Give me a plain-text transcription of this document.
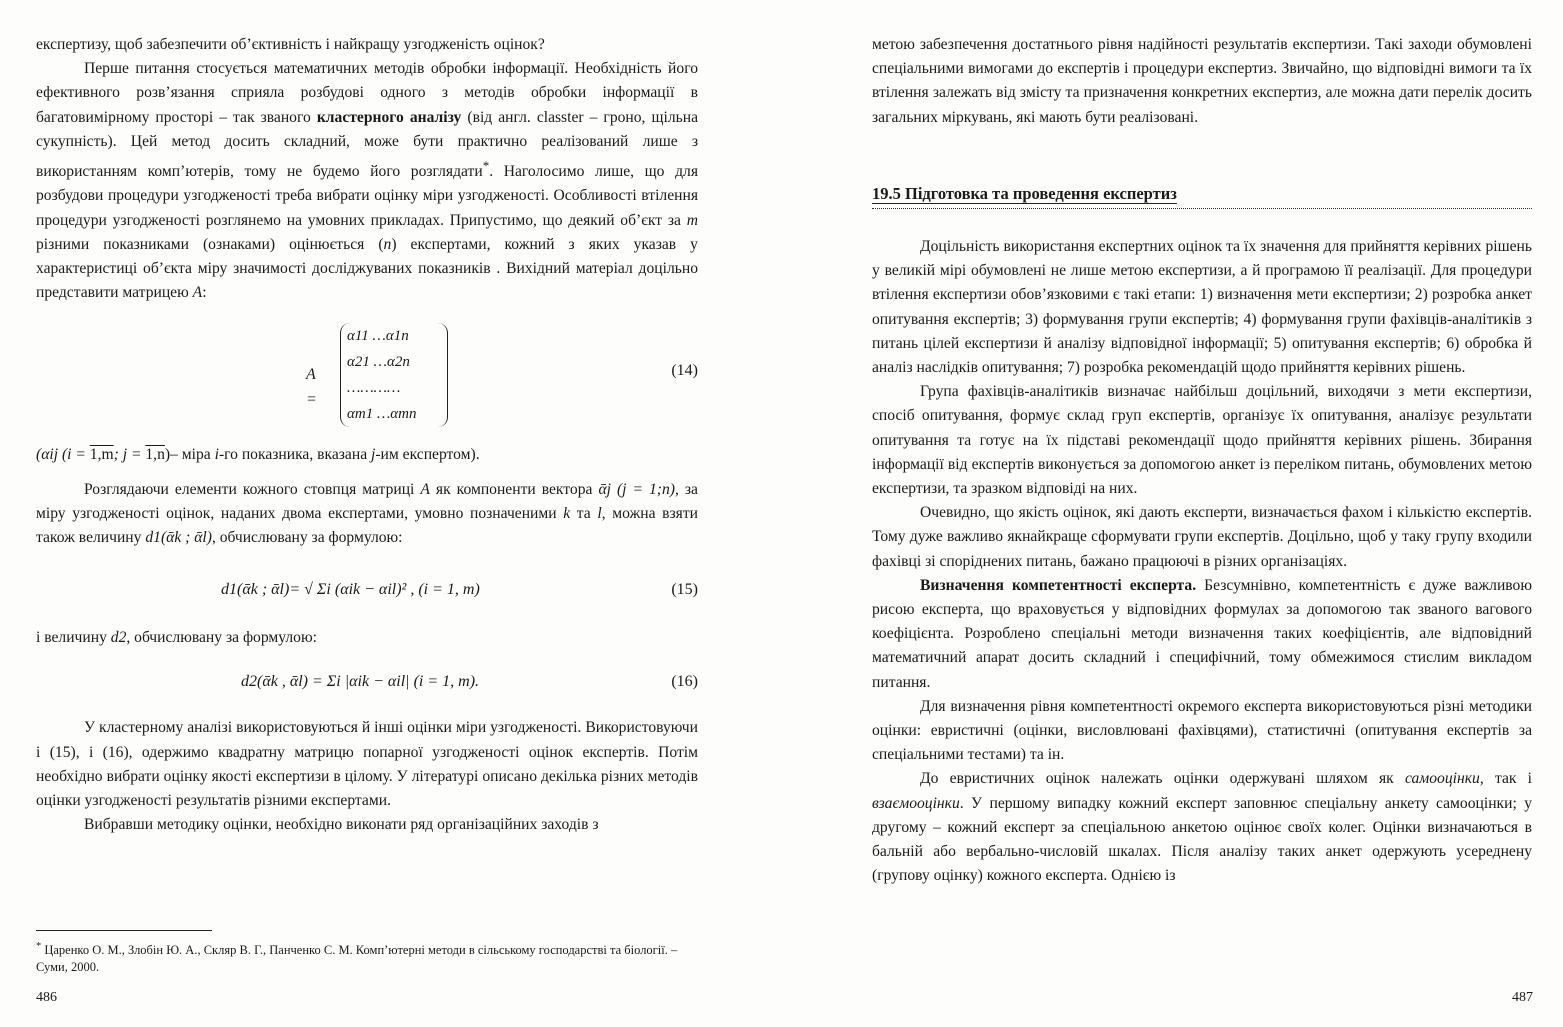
експертизу, щоб забезпечити об’єктивність і найкращу узгодженість оцінок?

Перше питання стосується математичних методів обробки інформації. Необхідність його ефективного розв’язання сприяла розбудові одного з методів обробки інформації в багатовимірному просторі – так званого кластерного аналізу (від англ. classter – гроно, щільна сукупність). Цей метод досить складний, може бути практично реалізований лише з використанням комп’ютерів, тому не будемо його розглядати*. Наголосимо лише, що для розбудови процедури узгодженості треба вибрати оцінку міри узгодженості. Особливості втілення процедури узгодженості розглянемо на умовних прикладах. Припустимо, що деякий об’єкт за m різними показниками (ознаками) оцінюється (n) експертами, кожний з яких указав у характеристиці об’єкта міру значимості досліджуваних показників . Вихідний матеріал доцільно представити матрицею A:

A =
α11 …α1n
α21 …α2n
…………
αm1 …αmn
(14)

(αij (i = 1,m; j = 1,n)– міра i-го показника, вказана j-им експертом).

Розглядаючи елементи кожного стовпця матриці A як компоненти вектора ᾱj (j = 1;n), за міру узгодженості оцінок, наданих двома експертами, умовно позначеними k та l, можна взяти також величину d1(ᾱk ; ᾱl), обчислювану за формулою:

d1(ᾱk ; ᾱl)= √ Σi (αik − αil)² , (i = 1, m)	(15)

і величину d2, обчислювану за формулою:

d2(ᾱk , ᾱl) = Σi |αik − αil| (i = 1, m).	(16)

У кластерному аналізі використовуються й інші оцінки міри узгодженості. Використовуючи і (15), і (16), одержимо квадратну матрицю попарної узгодженості оцінок експертів. Потім необхідно вибрати оцінку якості експертизи в цілому. У літературі описано декілька різних методів оцінки узгодженості результатів різними експертами.

Вибравши методику оцінки, необхідно виконати ряд організаційних заходів з

* Царенко О. М., Злобін Ю. А., Скляр В. Г., Панченко С. М. Комп’ютерні методи в сільському господарстві та біології. – Суми, 2000.
486

метою забезпечення достатнього рівня надійності результатів експертизи. Такі заходи обумовлені спеціальними вимогами до експертів і процедури експертиз. Звичайно, що відповідні вимоги та їх втілення залежать від змісту та призначення конкретних експертиз, але можна дати перелік досить загальних міркувань, які мають бути реалізовані.

19.5 Підготовка та проведення експертиз

Доцільність використання експертних оцінок та їх значення для прийняття керівних рішень у великій мірі обумовлені не лише метою експертизи, а й програмою її реалізації. Для процедури втілення експертизи обов’язковими є такі етапи: 1) визначення мети експертизи; 2) розробка анкет опитування експертів; 3) формування групи експертів; 4) формування групи фахівців-аналітиків з питань цілей експертизи й аналізу відповідної інформації; 5) опитування експертів; 6) обробка й аналіз наслідків опитування; 7) розробка рекомендацій щодо прийняття керівних рішень.

Група фахівців-аналітиків визначає найбільш доцільний, виходячи з мети експертизи, спосіб опитування, формує склад груп експертів, організує їх опитування, аналізує результати опитування та готує на їх підставі рекомендації щодо прийняття керівних рішень. Збирання інформації від експертів виконується за допомогою анкет із переліком питань, обумовлених метою експертизи, та зразком відповіді на них.

Очевидно, що якість оцінок, які дають експерти, визначається фахом і кількістю експертів. Тому дуже важливо якнайкраще сформувати групи експертів. Доцільно, щоб у таку групу входили фахівці зі споріднених питань, бажано працюючі в різних організаціях.

Визначення компетентності експерта. Безсумнівно, компетентність є дуже важливою рисою експерта, що враховується у відповідних формулах за допомогою так званого вагового коефіцієнта. Розроблено спеціальні методи визначення таких коефіцієнтів, але відповідний математичний апарат досить складний і специфічний, тому обмежимося стислим викладом питання.

Для визначення рівня компетентності окремого експерта використовуються різні методики оцінки: евристичні (оцінки, висловлювані фахівцями), статистичні (опитування експертів за спеціальними тестами) та ін.

До евристичних оцінок належать оцінки одержувані шляхом як самооцінки, так і взаємооцінки. У першому випадку кожний експерт заповнює спеціальну анкету самооцінки; у другому – кожний експерт за спеціальною анкетою оцінює своїх колег. Оцінки визначаються в бальній або вербально-числовій шкалах. Після аналізу таких анкет одержують усереднену (групову оцінку) кожного експерта. Однією із

487
